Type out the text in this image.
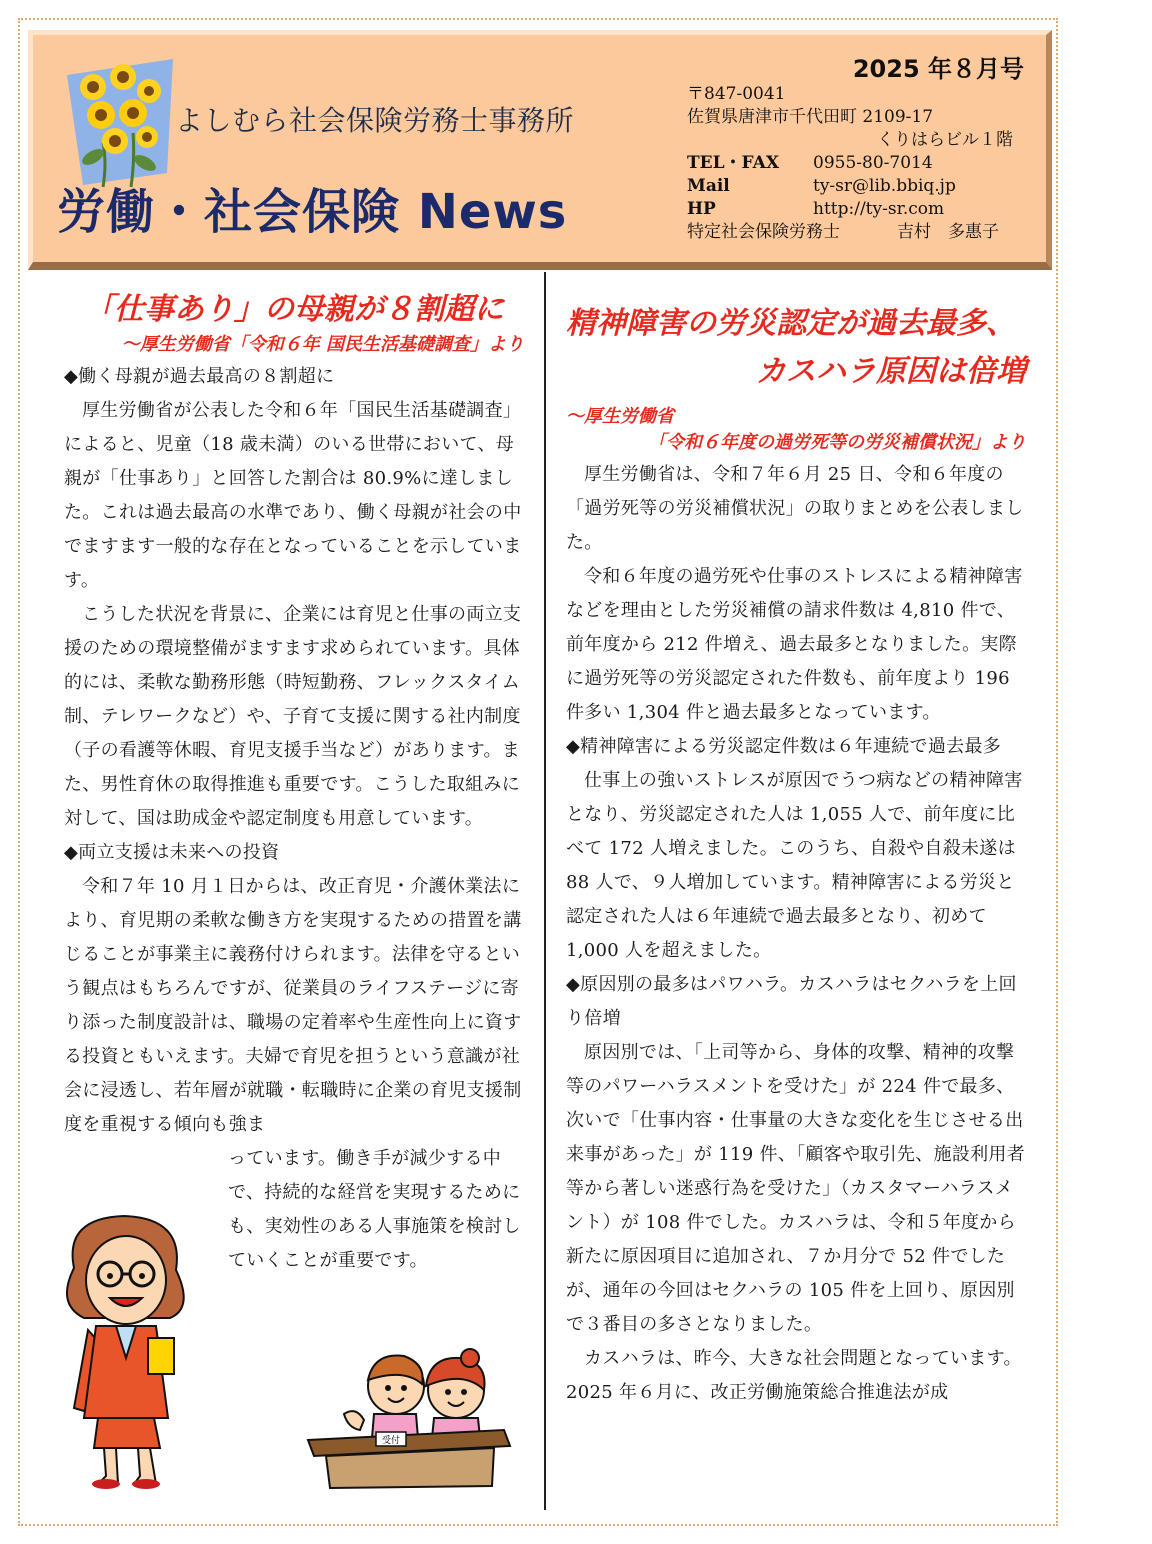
よしむら社会保険労務士事務所
労働・社会保険 News
2025 年８月号
〒847-0041
佐賀県唐津市千代田町 2109-17
くりはらビル１階
TEL・FAX 0955-80-7014
Mail	ty-sr@lib.bbiq.jp
HP	http://ty-sr.com
特定社会保険労務士	吉村　多惠子
「仕事あり」の母親が８割超に
～厚生労働省「令和６年 国民生活基礎調査」より

◆働く母親が過去最高の８割超に

厚生労働省が公表した令和６年「国民生活基礎調査」によると、児童（18 歳未満）のいる世帯において、母親が「仕事あり」と回答した割合は 80.9%に達しました。これは過去最高の水準であり、働く母親が社会の中でますます一般的な存在となっていることを示しています。

こうした状況を背景に、企業には育児と仕事の両立支援のための環境整備がますます求められています。具体的には、柔軟な勤務形態（時短勤務、フレックスタイム制、テレワークなど）や、子育て支援に関する社内制度（子の看護等休暇、育児支援手当など）があります。また、男性育休の取得推進も重要です。こうした取組みに対して、国は助成金や認定制度も用意しています。

◆両立支援は未来への投資

令和７年 10 月１日からは、改正育児・介護休業法により、育児期の柔軟な働き方を実現するための措置を講じることが事業主に義務付けられます。法律を守るという観点はもちろんですが、従業員のライフステージに寄り添った制度設計は、職場の定着率や生産性向上に資する投資ともいえます。夫婦で育児を担うという意識が社会に浸透し、若年層が就職・転職時に企業の育児支援制度を重視する傾向も強ま

っています。働き手が減少する中で、持続的な経営を実現するためにも、実効性のある人事施策を検討していくことが重要です。

受付
精神障害の労災認定が過去最多、
カスハラ原因は倍増
～厚生労働省
「令和６年度の過労死等の労災補償状況」より

厚生労働省は、令和７年６月 25 日、令和６年度の「過労死等の労災補償状況」の取りまとめを公表しました。

令和６年度の過労死や仕事のストレスによる精神障害などを理由とした労災補償の請求件数は 4,810 件で、前年度から 212 件増え、過去最多となりました。実際に過労死等の労災認定された件数も、前年度より 196 件多い 1,304 件と過去最多となっています。

◆精神障害による労災認定件数は６年連続で過去最多

仕事上の強いストレスが原因でうつ病などの精神障害となり、労災認定された人は 1,055 人で、前年度に比べて 172 人増えました。このうち、自殺や自殺未遂は 88 人で、９人増加しています。精神障害による労災と認定された人は６年連続で過去最多となり、初めて 1,000 人を超えました。

◆原因別の最多はパワハラ。カスハラはセクハラを上回り倍増

原因別では、「上司等から、身体的攻撃、精神的攻撃等のパワーハラスメントを受けた」が 224 件で最多、次いで「仕事内容・仕事量の大きな変化を生じさせる出来事があった」が 119 件、「顧客や取引先、施設利用者等から著しい迷惑行為を受けた」（カスタマーハラスメント）が 108 件でした。カスハラは、令和５年度から新たに原因項目に追加され、７か月分で 52 件でしたが、通年の今回はセクハラの 105 件を上回り、原因別で３番目の多さとなりました。

カスハラは、昨今、大きな社会問題となっています。2025 年６月に、改正労働施策総合推進法が成
